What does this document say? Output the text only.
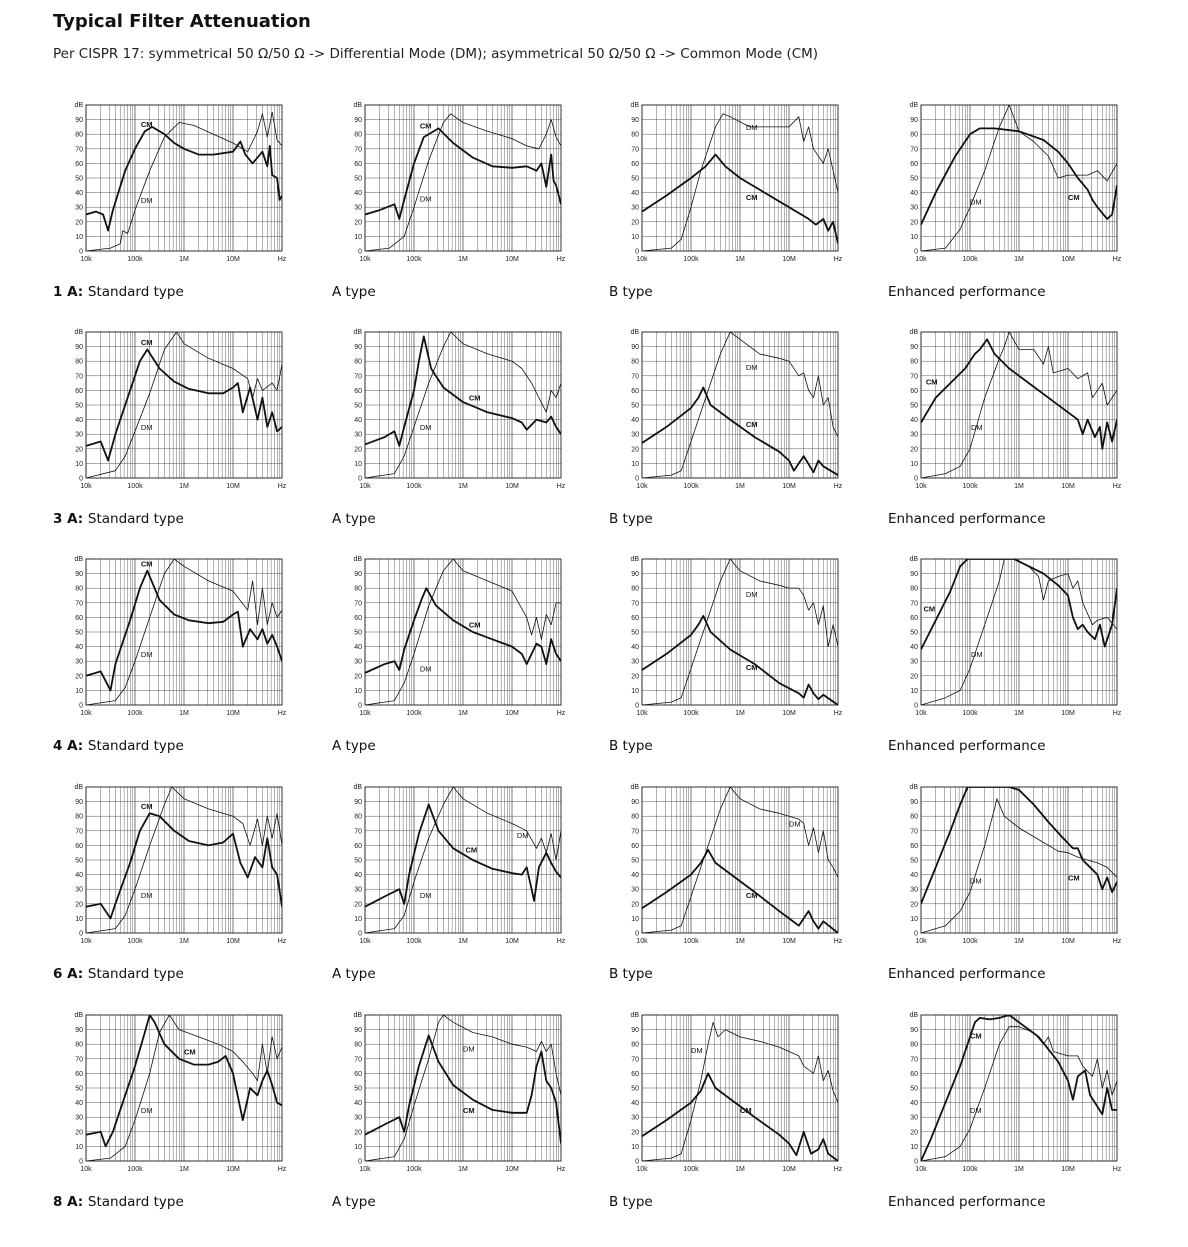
Typical Filter Attenuation
Per CISPR 17: symmetrical 50 Ω/50 Ω -> Differential Mode (DM); asymmetrical 50 Ω/50 Ω -> Common Mode (CM)
0
10
20
30
40
50
60
70
80
90
dB
10k	100k	1M	10M	Hz
CM
DM
1 A: Standard type
0
10
20
30
40
50
60
70
80
90
dB
10k	100k	1M	10M	Hz
CM
DM
A type
0
10
20
30
40
50
60
70
80
90
dB
10k	100k	1M	10M	Hz
DM
CM
B type
0
10
20
30
40
50
60
70
80
90
dB
10k	100k	1M	10M	Hz
DM	CM
Enhanced performance
0
10
20
30
40
50
60
70
80
90
dB
10k	100k	1M	10M	Hz
CM
DM
3 A: Standard type
0
10
20
30
40
50
60
70
80
90
dB
10k	100k	1M	10M	Hz
CM
DM
A type
0
10
20
30
40
50
60
70
80
90
dB
10k	100k	1M	10M	Hz
DM
CM
B type
0
10
20
30
40
50
60
70
80
90
dB
10k	100k	1M	10M	Hz
CM
DM
Enhanced performance
0
10
20
30
40
50
60
70
80
90
dB
10k	100k	1M	10M	Hz
CM
DM
4 A: Standard type
0
10
20
30
40
50
60
70
80
90
dB
10k	100k	1M	10M	Hz
CM
DM
A type
0
10
20
30
40
50
60
70
80
90
dB
10k	100k	1M	10M	Hz
DM
CM
B type
0
10
20
30
40
50
60
70
80
90
dB
10k	100k	1M	10M	Hz
CM
DM
Enhanced performance
0
10
20
30
40
50
60
70
80
90
dB
10k	100k	1M	10M	Hz
CM
DM
6 A: Standard type
0
10
20
30
40
50
60
70
80
90
dB
10k	100k	1M	10M	Hz
CM
DM
DM
A type
0
10
20
30
40
50
60
70
80
90
dB
10k	100k	1M	10M	Hz
DM
CM
B type
0
10
20
30
40
50
60
70
80
90
dB
10k	100k	1M	10M	Hz
DM	CM
Enhanced performance
0
10
20
30
40
50
60
70
80
90
dB
10k	100k	1M	10M	Hz
CM
DM
8 A: Standard type
0
10
20
30
40
50
60
70
80
90
dB
10k	100k	1M	10M	Hz
DM
CM
A type
0
10
20
30
40
50
60
70
80
90
dB
10k	100k	1M	10M	Hz
DM
CM
B type
0
10
20
30
40
50
60
70
80
90
dB
10k	100k	1M	10M	Hz
CM
DM
Enhanced performance
